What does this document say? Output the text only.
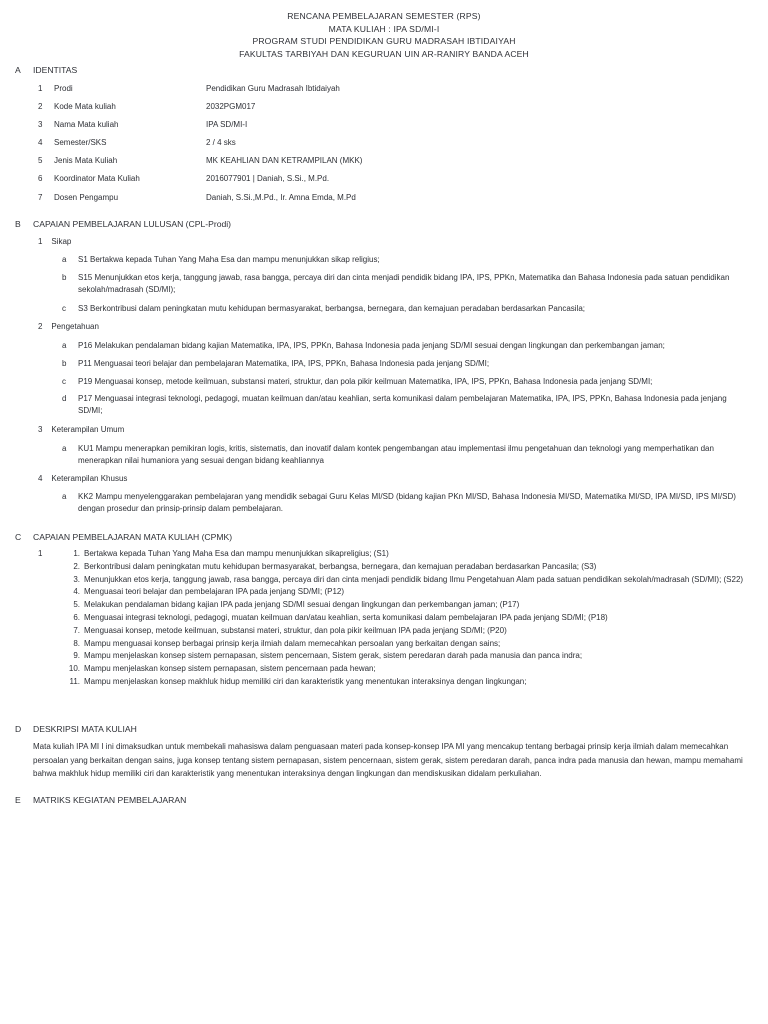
RENCANA PEMBELAJARAN SEMESTER (RPS)
MATA KULIAH : IPA SD/MI-I
PROGRAM STUDI PENDIDIKAN GURU MADRASAH IBTIDAIYAH
FAKULTAS TARBIYAH DAN KEGURUAN UIN AR-RANIRY BANDA ACEH
A	IDENTITAS
1 Prodi	Pendidikan Guru Madrasah Ibtidaiyah
2 Kode Mata kuliah	2032PGM017
3 Nama Mata kuliah	IPA SD/MI-I
4 Semester/SKS	2 / 4 sks
5 Jenis Mata Kuliah	MK KEAHLIAN DAN KETRAMPILAN (MKK)
6 Koordinator Mata Kuliah	2016077901 | Daniah, S.Si., M.Pd.
7 Dosen Pengampu	Daniah, S.Si.,M.Pd., Ir. Amna Emda, M.Pd
B	CAPAIAN PEMBELAJARAN LULUSAN (CPL-Prodi)
1 Sikap
a	S1 Bertakwa kepada Tuhan Yang Maha Esa dan mampu menunjukkan sikap religius;
b	S15 Menunjukkan etos kerja, tanggung jawab, rasa bangga, percaya diri dan cinta menjadi pendidik bidang IPA, IPS, PPKn, Matematika dan Bahasa Indonesia pada satuan pendidikan sekolah/madrasah (SD/MI);
c	S3 Berkontribusi dalam peningkatan mutu kehidupan bermasyarakat, berbangsa, bernegara, dan kemajuan peradaban berdasarkan Pancasila;
2 Pengetahuan
a	P16 Melakukan pendalaman bidang kajian Matematika, IPA, IPS, PPKn, Bahasa Indonesia pada jenjang SD/MI sesuai dengan lingkungan dan perkembangan jaman;
b	P11 Menguasai teori belajar dan pembelajaran Matematika, IPA, IPS, PPKn, Bahasa Indonesia pada jenjang SD/MI;
c	P19 Menguasai konsep, metode keilmuan, substansi materi, struktur, dan pola pikir keilmuan Matematika, IPA, IPS, PPKn, Bahasa Indonesia pada jenjang SD/MI;
d	P17 Menguasai integrasi teknologi, pedagogi, muatan keilmuan dan/atau keahlian, serta komunikasi dalam pembelajaran Matematika, IPA, IPS, PPKn, Bahasa Indonesia pada jenjang SD/MI;
3 Keterampilan Umum
a	KU1 Mampu menerapkan pemikiran logis, kritis, sistematis, dan inovatif dalam kontek pengembangan atau implementasi ilmu pengetahuan dan teknologi yang memperhatikan dan menerapkan nilai humaniora yang sesuai dengan bidang keahliannya
4 Keterampilan Khusus
a	KK2 Mampu menyelenggarakan pembelajaran yang mendidik sebagai Guru Kelas MI/SD (bidang kajian PKn MI/SD, Bahasa Indonesia MI/SD, Matematika MI/SD, IPA MI/SD, IPS MI/SD) dengan prosedur dan prinsip-prinsip dalam pembelajaran.
C	CAPAIAN PEMBELAJARAN MATA KULIAH (CPMK)
1	1. Bertakwa kepada Tuhan Yang Maha Esa dan mampu menunjukkan sikapreligius; (S1)
2. Berkontribusi dalam peningkatan mutu kehidupan bermasyarakat, berbangsa, bernegara, dan kemajuan peradaban berdasarkan Pancasila; (S3)
3. Menunjukkan etos kerja, tanggung jawab, rasa bangga, percaya diri dan cinta menjadi pendidik bidang Ilmu Pengetahuan Alam pada satuan pendidikan sekolah/madrasah (SD/MI); (S22)
4. Menguasai teori belajar dan pembelajaran IPA pada jenjang SD/MI; (P12)
5. Melakukan pendalaman bidang kajian IPA pada jenjang SD/MI sesuai dengan lingkungan dan perkembangan jaman; (P17)
6. Menguasai integrasi teknologi, pedagogi, muatan keilmuan dan/atau keahlian, serta komunikasi dalam pembelajaran IPA pada jenjang SD/MI; (P18)
7. Menguasai konsep, metode keilmuan, substansi materi, struktur, dan pola pikir keilmuan IPA pada jenjang SD/MI; (P20)
8. Mampu menguasai konsep berbagai prinsip kerja ilmiah dalam memecahkan persoalan yang berkaitan dengan sains;
9. Mampu menjelaskan konsep sistem pernapasan, sistem pencernaan, Sistem gerak, sistem peredaran darah pada manusia dan panca indra;
10. Mampu menjelaskan konsep sistem pernapasan, sistem pencernaan pada hewan;
11. Mampu menjelaskan konsep makhluk hidup memiliki ciri dan karakteristik yang menentukan interaksinya dengan lingkungan;
D	DESKRIPSI MATA KULIAH
Mata kuliah IPA MI I ini dimaksudkan untuk membekali mahasiswa dalam penguasaan materi pada konsep-konsep IPA MI yang mencakup tentang berbagai prinsip kerja ilmiah dalam memecahkan persoalan yang berkaitan dengan sains, juga konsep tentang sistem pernapasan, sistem pencernaan, sistem gerak, sistem peredaran darah, panca indra pada manusia dan hewan, mampu memahami bahwa makhluk hidup memiliki ciri dan karakteristik yang menentukan interaksinya dengan lingkungan dan mendiskusikan didalam perkuliahan.
E	MATRIKS KEGIATAN PEMBELAJARAN
